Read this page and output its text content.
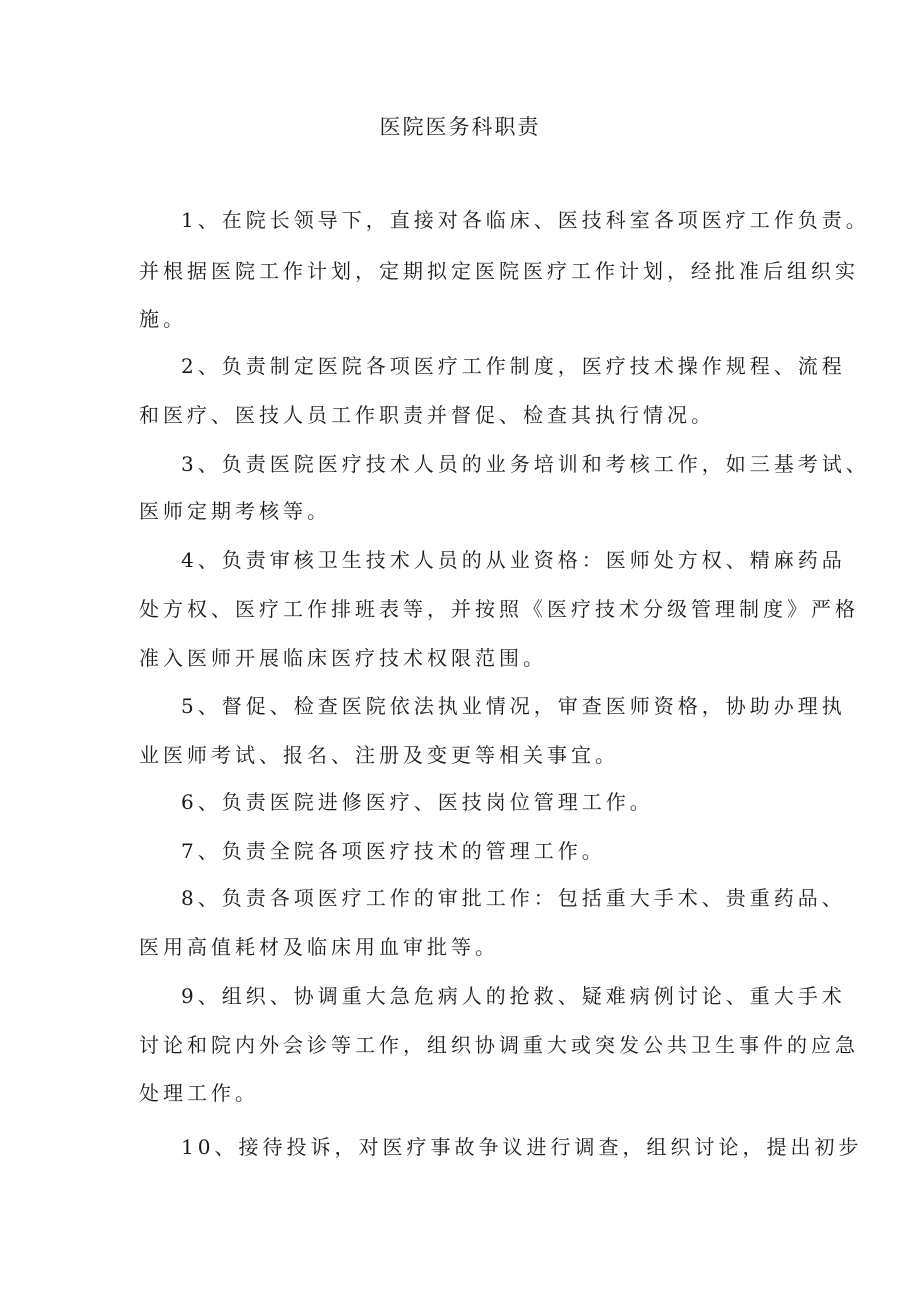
医院医务科职责
1、在院长领导下，直接对各临床、医技科室各项医疗工作负责。
并根据医院工作计划，定期拟定医院医疗工作计划，经批准后组织实
施。
2、负责制定医院各项医疗工作制度，医疗技术操作规程、流程
和医疗、医技人员工作职责并督促、检查其执行情况。
3、负责医院医疗技术人员的业务培训和考核工作，如三基考试、
医师定期考核等。
4、负责审核卫生技术人员的从业资格：医师处方权、精麻药品
处方权、医疗工作排班表等，并按照《医疗技术分级管理制度》严格
准入医师开展临床医疗技术权限范围。
5、督促、检查医院依法执业情况，审查医师资格，协助办理执
业医师考试、报名、注册及变更等相关事宜。
6、负责医院进修医疗、医技岗位管理工作。
7、负责全院各项医疗技术的管理工作。
8、负责各项医疗工作的审批工作：包括重大手术、贵重药品、
医用高值耗材及临床用血审批等。
9、组织、协调重大急危病人的抢救、疑难病例讨论、重大手术
讨论和院内外会诊等工作，组织协调重大或突发公共卫生事件的应急
处理工作。
10、接待投诉，对医疗事故争议进行调查，组织讨论，提出初步
